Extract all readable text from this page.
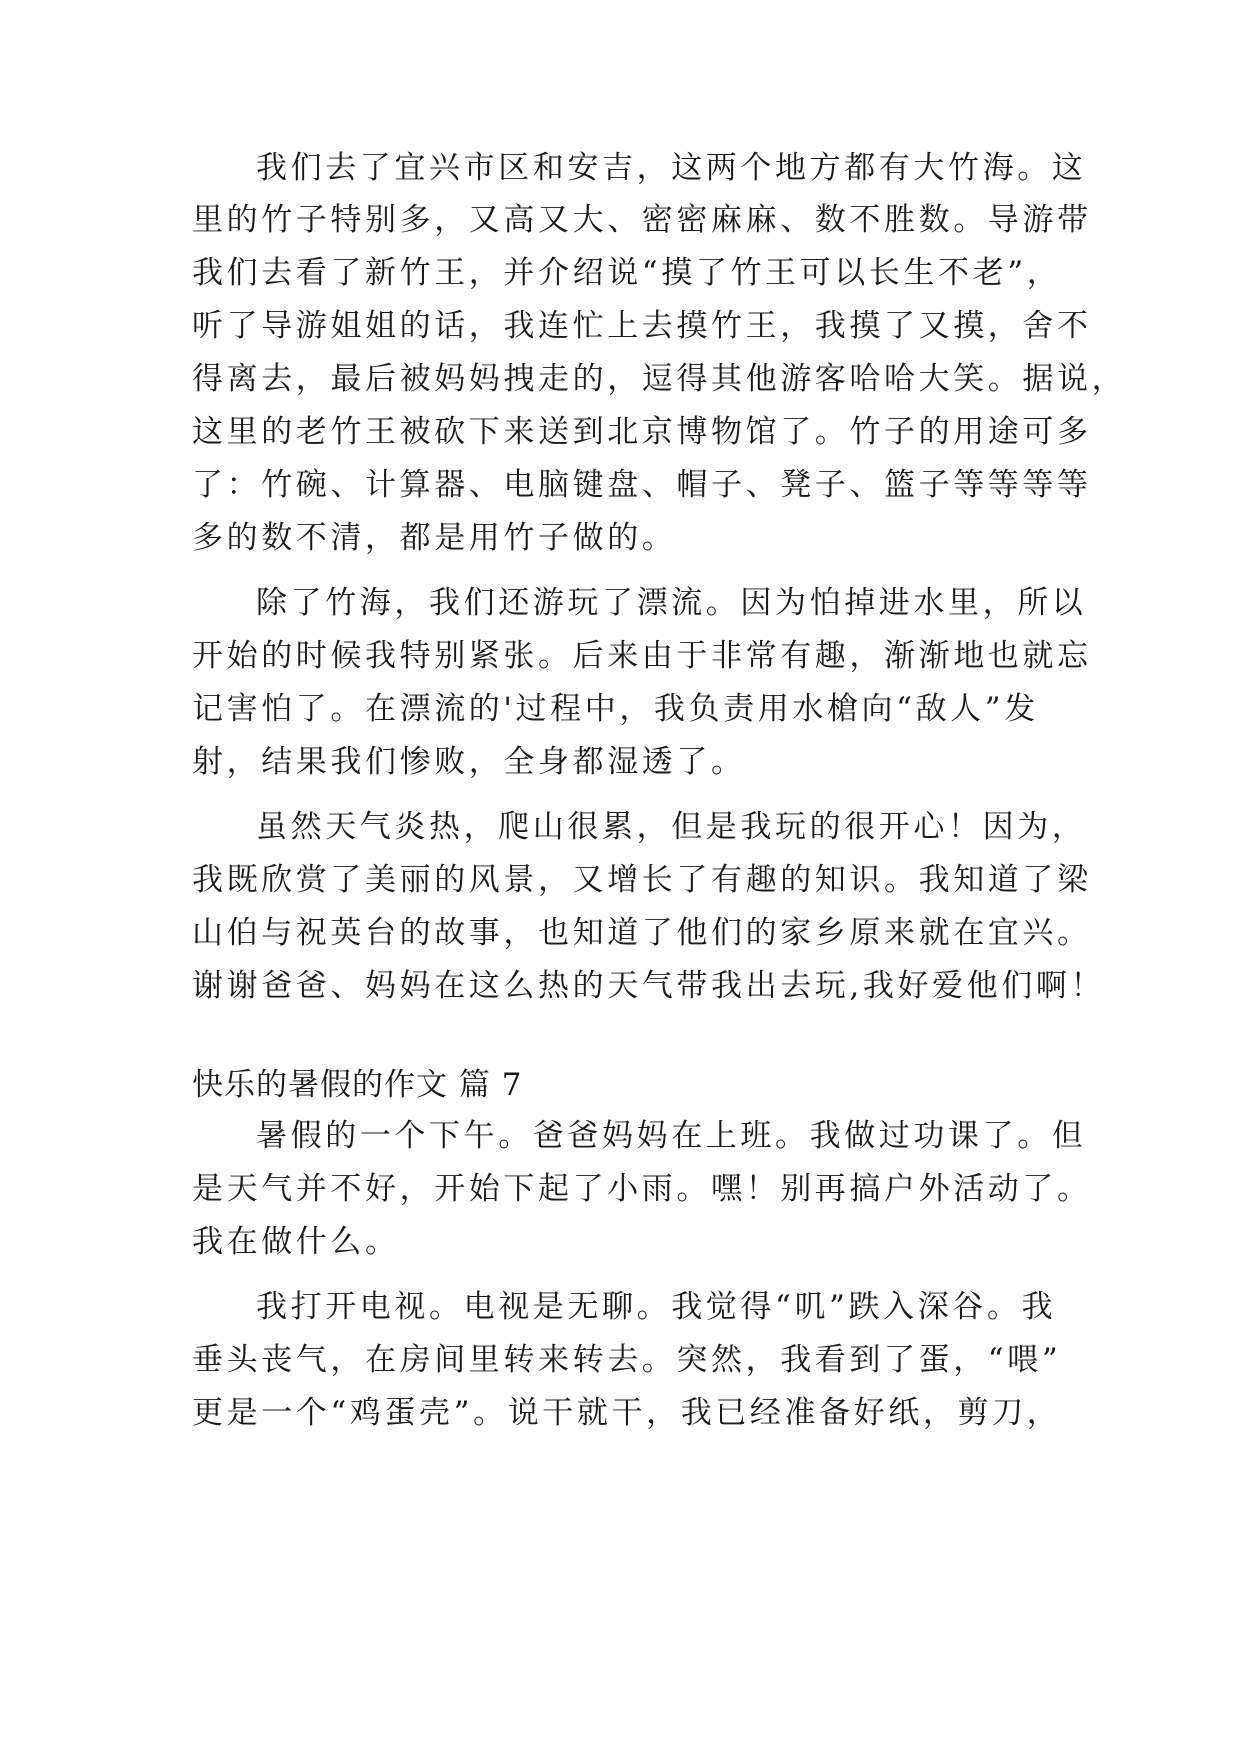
我们去了宜兴市区和安吉，这两个地方都有大竹海。这
里的竹子特别多，又高又大、密密麻麻、数不胜数。导游带
我们去看了新竹王，并介绍说“摸了竹王可以长生不老”，
听了导游姐姐的话，我连忙上去摸竹王，我摸了又摸，舍不
得离去，最后被妈妈拽走的，逗得其他游客哈哈大笑。据说，
这里的老竹王被砍下来送到北京博物馆了。竹子的用途可多
了：竹碗、计算器、电脑键盘、帽子、凳子、篮子等等等等
多的数不清，都是用竹子做的。
除了竹海，我们还游玩了漂流。因为怕掉进水里，所以
开始的时候我特别紧张。后来由于非常有趣，渐渐地也就忘
记害怕了。在漂流的'过程中，我负责用水槍向“敌人”发
射，结果我们惨败，全身都湿透了。
虽然天气炎热，爬山很累，但是我玩的很开心！因为，
我既欣赏了美丽的风景，又增长了有趣的知识。我知道了梁
山伯与祝英台的故事，也知道了他们的家乡原来就在宜兴。
谢谢爸爸、妈妈在这么热的天气带我出去玩,我好爱他们啊！
快乐的暑假的作文 篇 7
暑假的一个下午。爸爸妈妈在上班。我做过功课了。但
是天气并不好，开始下起了小雨。嘿！别再搞户外活动了。
我在做什么。
我打开电视。电视是无聊。我觉得“叽”跌入深谷。我
垂头丧气，在房间里转来转去。突然，我看到了蛋，“喂”
更是一个“鸡蛋壳”。说干就干，我已经准备好纸，剪刀，
